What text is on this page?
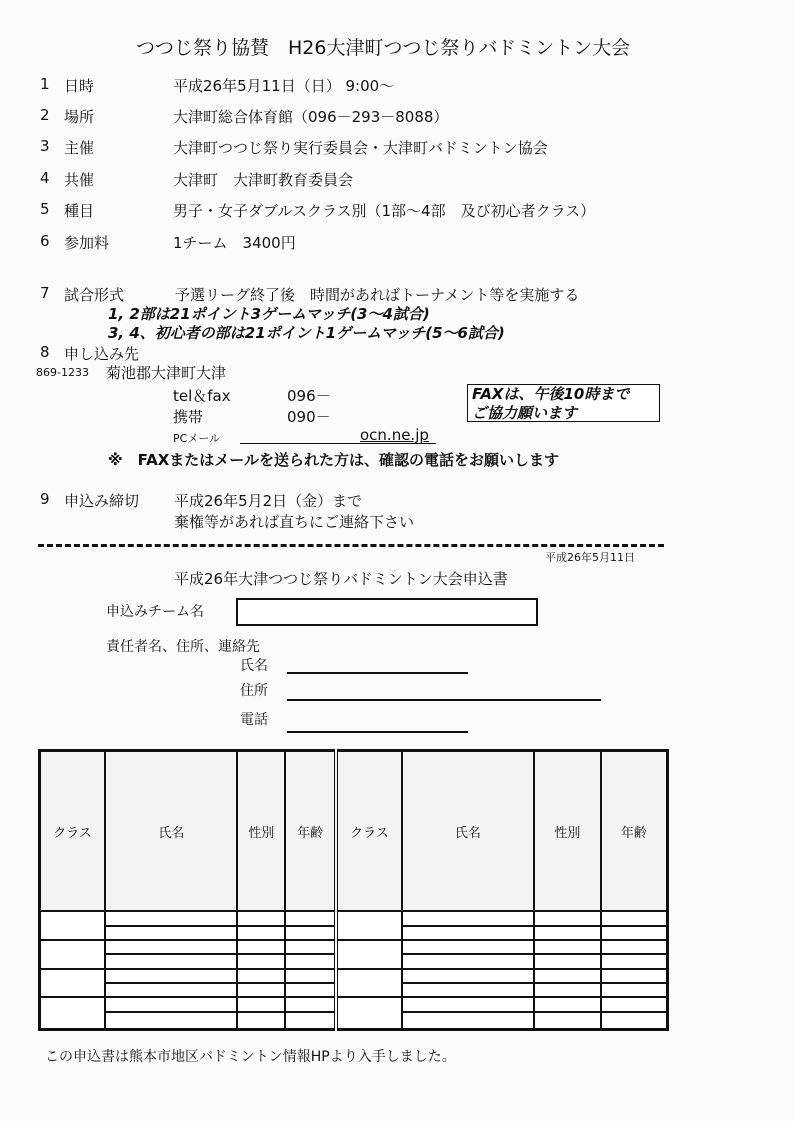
つつじ祭り協賛　H26大津町つつじ祭りバドミントン大会
1 日時	平成26年5月11日（日） 9:00～
2 場所	大津町総合体育館（096－293－8088）
3 主催	大津町つつじ祭り実行委員会・大津町バドミントン協会
4 共催	大津町　大津町教育委員会
5 種目	男子・女子ダブルスクラス別（1部～4部　及び初心者クラス）
6 参加料	1チーム　3400円
7 試合形式	予選リーグ終了後　時間があればトーナメント等を実施する
1, 2部は21ポイント3ゲームマッチ(3～4試合)
3, 4、初心者の部は21ポイント1ゲームマッチ(5～6試合)
8 申し込み先
869-1233 菊池郡大津町大津
tel＆fax	096－
携帯	090－
PCメール	ocn.ne.jp
FAXは、午後10時まで
ご協力願います
※　FAXまたはメールを送られた方は、確認の電話をお願いします
9 申込み締切 平成26年5月2日（金）まで
棄権等があれば直ちにご連絡下さい
平成26年5月11日
平成26年大津つつじ祭りバドミントン大会申込書
申込みチーム名
責任者名、住所、連絡先
氏名
住所
電話
クラス	氏名	性別	年齢	クラス	氏名	性別	年齢

この申込書は熊本市地区バドミントン情報HPより入手しました。
